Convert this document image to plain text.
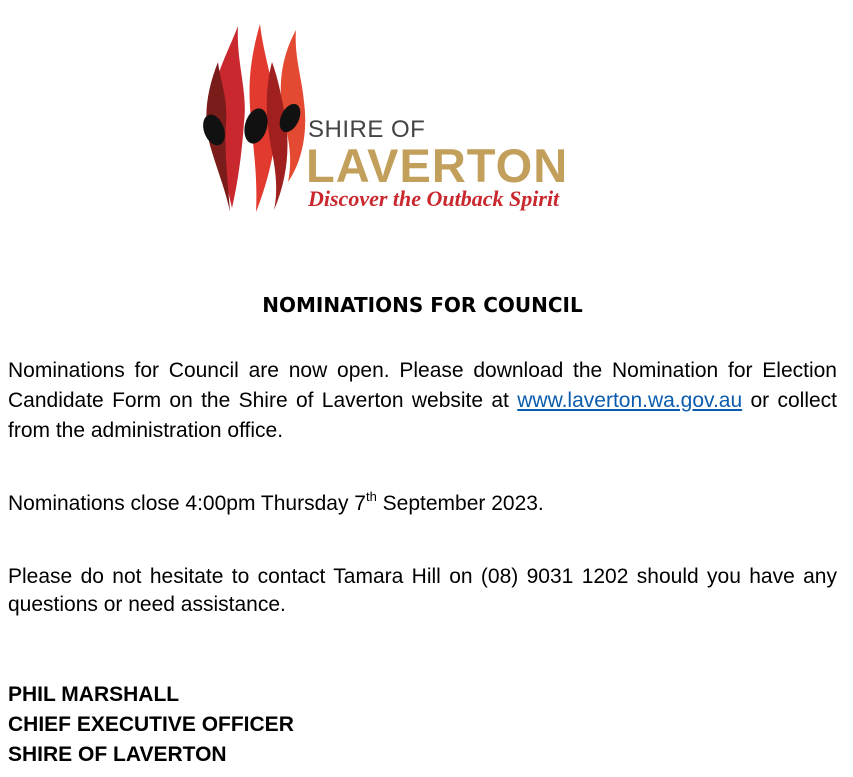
SHIRE OF
LAVERTON
Discover the Outback Spirit
NOMINATIONS FOR COUNCIL
Nominations for Council are now open. Please download the Nomination for Election Candidate Form on the Shire of Laverton website at www.laverton.wa.gov.au or collect from the administration office.
Nominations close 4:00pm Thursday 7th September 2023.
Please do not hesitate to contact Tamara Hill on (08) 9031 1202 should you have any questions or need assistance.
PHIL MARSHALL
CHIEF EXECUTIVE OFFICER
SHIRE OF LAVERTON
